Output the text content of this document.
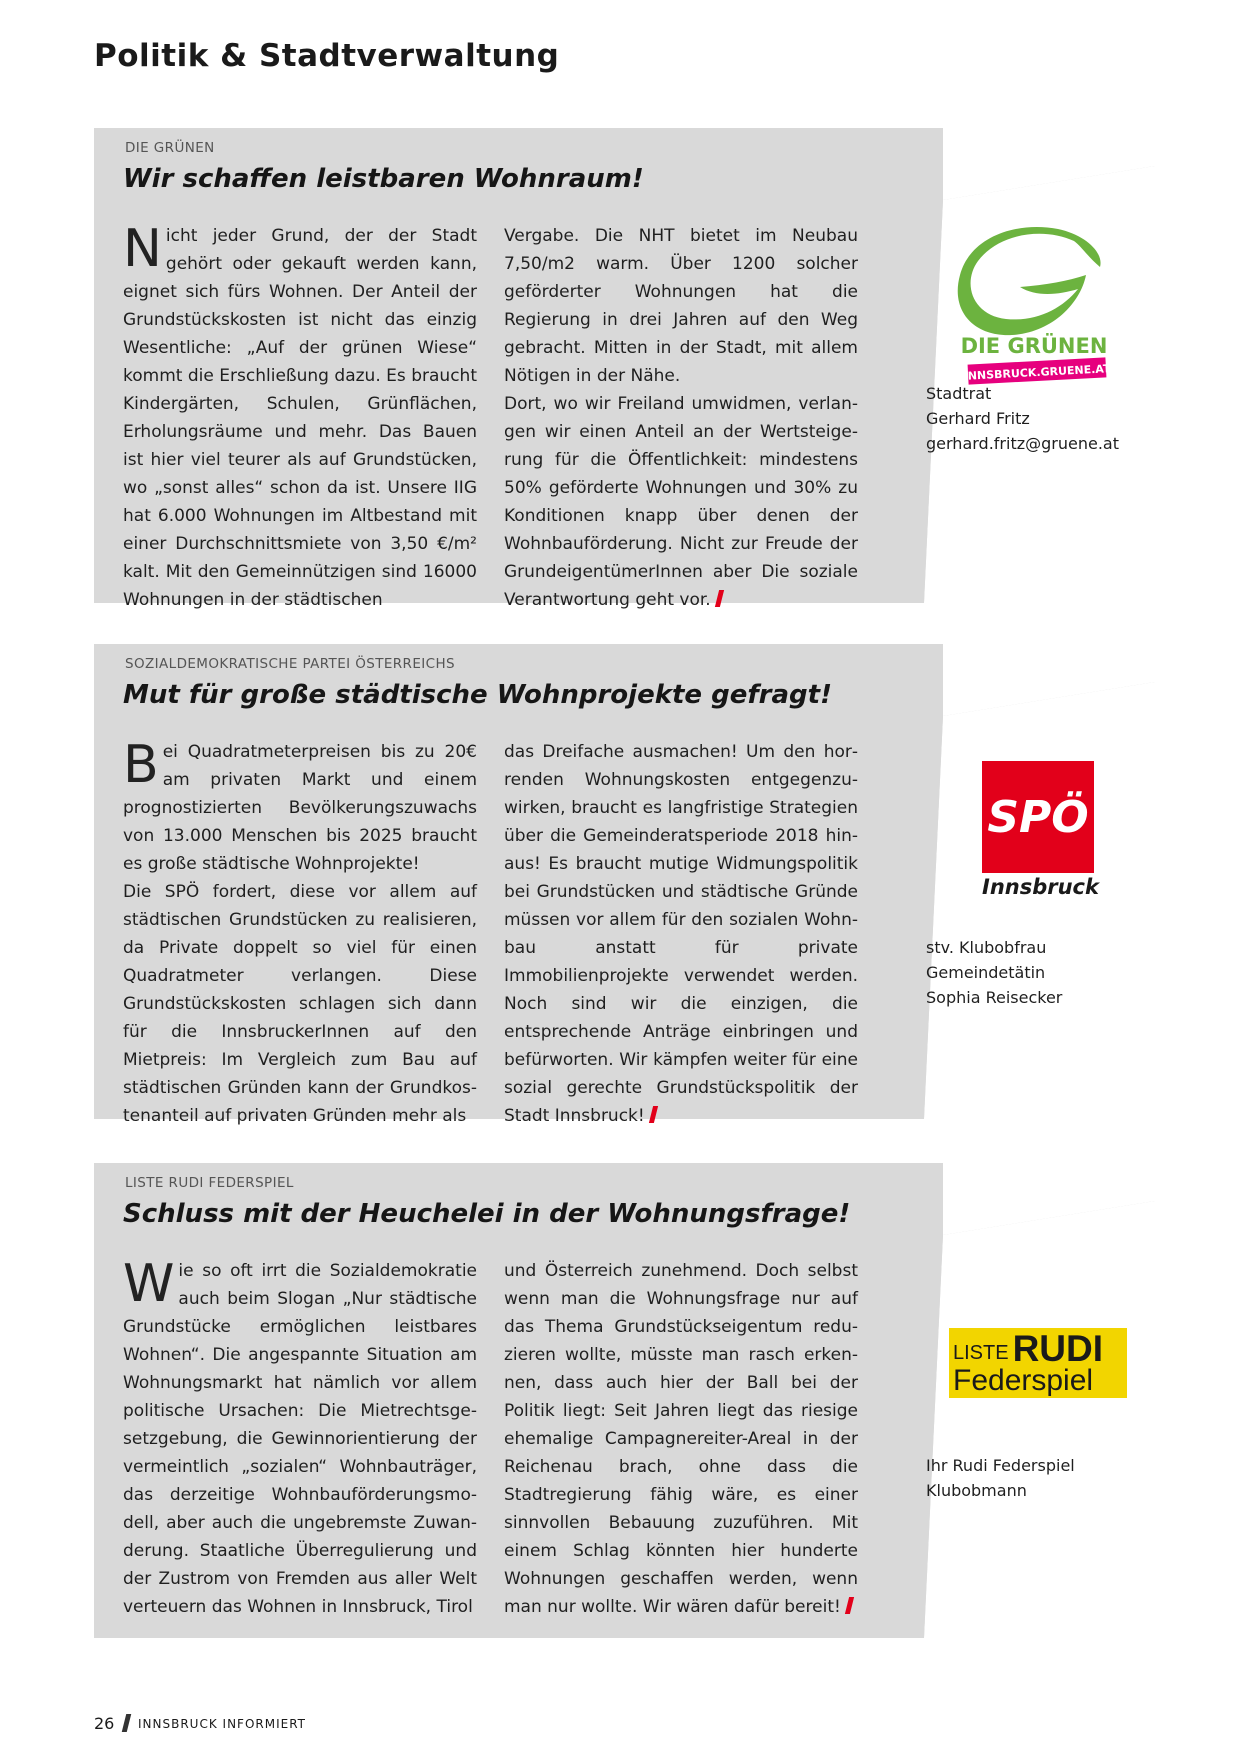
Politik & Stadtverwaltung

DIE GRÜNEN

Wir schaffen leistbaren Wohnraum!
Nicht jeder Grund, der der Stadt gehört oder gekauft werden kann, eignet sich fürs Wohnen. Der Anteil der Grundstückskosten ist nicht das einzig Wesentliche: „Auf der grünen Wiese“ kommt die Erschließung dazu. Es braucht Kindergärten, Schulen, Grünflächen, Erholungsräume und mehr. Das Bauen ist hier viel teurer als auf Grundstücken, wo „sonst alles“ schon da ist. Unsere IIG hat 6.000 Wohnungen im Altbestand mit einer Durchschnittsmiete von 3,50 €/m² kalt. Mit den Gemeinnützigen sind 16000 Wohnungen in der städtischen

Vergabe. Die NHT bietet im Neubau 7,50/m2 warm. Über 1200 solcher geförderter Wohnungen hat die Regierung in drei Jahren auf den Weg gebracht. Mitten in der Stadt, mit allem Nötigen in der Nähe.

Dort, wo wir Freiland umwidmen, verlangen wir einen Anteil an der Wertsteigerung für die Öffentlichkeit: mindestens 50% geförderte Wohnungen und 30% zu Konditionen knapp über denen der Wohnbauförderung. Nicht zur Freude der GrundeigentümerInnen aber Die soziale Verantwortung geht vor.

DIE GRÜNEN
INNSBRUCK.GRUENE.AT

Stadtrat
Gerhard Fritz
gerhard.fritz@gruene.at

SOZIALDEMOKRATISCHE PARTEI ÖSTERREICHS

Mut für große städtische Wohnprojekte gefragt!
Bei Quadratmeterpreisen bis zu 20€ am privaten Markt und einem prognostizierten Bevölkerungszuwachs von 13.000 Menschen bis 2025 braucht es große städtische Wohnprojekte!

Die SPÖ fordert, diese vor allem auf städtischen Grundstücken zu realisieren, da Private doppelt so viel für einen Quadratmeter verlangen. Diese Grundstückskosten schlagen sich dann für die InnsbruckerInnen auf den Mietpreis: Im Vergleich zum Bau auf städtischen Gründen kann der Grundkostenanteil auf privaten Gründen mehr als

das Dreifache ausmachen! Um den horrenden Wohnungskosten entgegenzuwirken, braucht es langfristige Strategien über die Gemeinderatsperiode 2018 hinaus! Es braucht mutige Widmungspolitik bei Grundstücken und städtische Gründe müssen vor allem für den sozialen Wohnbau anstatt für private Immobilienprojekte verwendet werden. Noch sind wir die einzigen, die entsprechende Anträge einbringen und befürworten. Wir kämpfen weiter für eine sozial gerechte Grundstückspolitik der Stadt Innsbruck!

SPÖ
Innsbruck

stv. Klubobfrau
Gemeindetätin
Sophia Reisecker

LISTE RUDI FEDERSPIEL

Schluss mit der Heuchelei in der Wohnungsfrage!
Wie so oft irrt die Sozialdemokratie auch beim Slogan „Nur städtische Grundstücke ermöglichen leistbares Wohnen“. Die angespannte Situation am Wohnungsmarkt hat nämlich vor allem politische Ursachen: Die Mietrechtsgesetzgebung, die Gewinnorientierung der vermeintlich „sozialen“ Wohnbauträger, das derzeitige Wohnbauförderungsmodell, aber auch die ungebremste Zuwanderung. Staatliche Überregulierung und der Zustrom von Fremden aus aller Welt verteuern das Wohnen in Innsbruck, Tirol

und Österreich zunehmend. Doch selbst wenn man die Wohnungsfrage nur auf das Thema Grundstückseigentum reduzieren wollte, müsste man rasch erkennen, dass auch hier der Ball bei der Politik liegt: Seit Jahren liegt das riesige ehemalige Campagnereiter-Areal in der Reichenau brach, ohne dass die Stadtregierung fähig wäre, es einer sinnvollen Bebauung zuzuführen. Mit einem Schlag könnten hier hunderte Wohnungen geschaffen werden, wenn man nur wollte. Wir wären dafür bereit!

LISTE RUDI
Federspiel

Ihr Rudi Federspiel
Klubobmann

26 INNSBRUCK INFORMIERT
